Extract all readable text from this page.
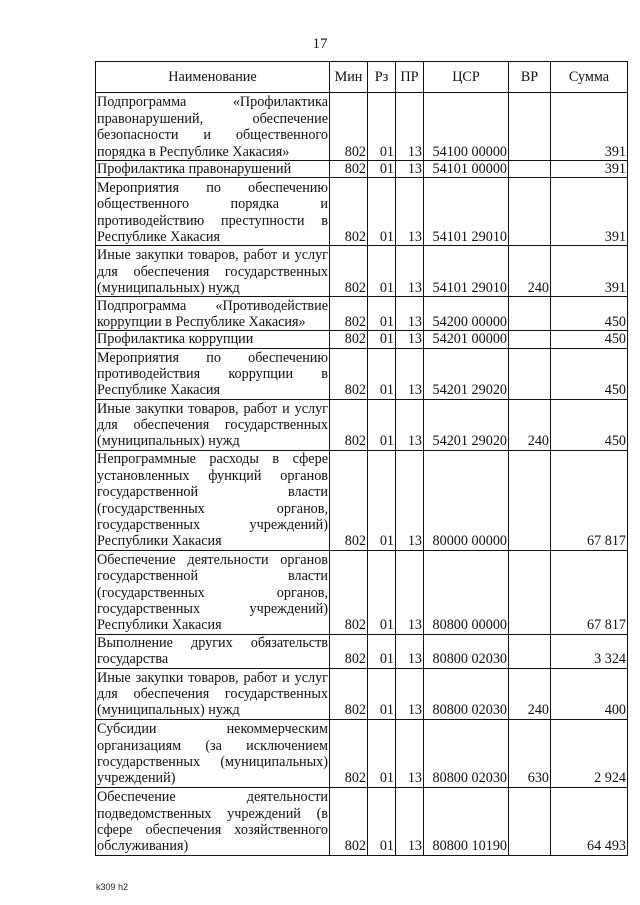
17
Наименование	Мин	Рз	ПР	ЦСР	ВР	Сумма
Подпрограмма «Профилактика правонарушений, обеспечение безопасности и общественного порядка в Республике Хакасия»	802	01	13	54100 00000		391
Профилактика правонарушений	802	01	13	54101 00000		391
Мероприятия по обеспечению общественного порядка и противодействию преступности в Республике Хакасия	802	01	13	54101 29010		391
Иные закупки товаров, работ и услуг для обеспечения государственных (муниципальных) нужд	802	01	13	54101 29010	240	391
Подпрограмма «Противодействие коррупции в Республике Хакасия»	802	01	13	54200 00000		450
Профилактика коррупции	802	01	13	54201 00000		450
Мероприятия по обеспечению противодействия коррупции в Республике Хакасия	802	01	13	54201 29020		450
Иные закупки товаров, работ и услуг для обеспечения государственных (муниципальных) нужд	802	01	13	54201 29020	240	450
Непрограммные расходы в сфере установленных функций органов государственной власти (государственных органов, государственных учреждений) Республики Хакасия	802	01	13	80000 00000		67 817
Обеспечение деятельности органов государственной власти (государственных органов, государственных учреждений) Республики Хакасия	802	01	13	80800 00000		67 817
Выполнение других обязательств государства	802	01	13	80800 02030		3 324
Иные закупки товаров, работ и услуг для обеспечения государственных (муниципальных) нужд	802	01	13	80800 02030	240	400
Субсидии некоммерческим организациям (за исключением государственных (муниципальных) учреждений)	802	01	13	80800 02030	630	2 924
Обеспечение деятельности подведомственных учреждений (в сфере обеспечения хозяйственного обслуживания)	802	01	13	80800 10190		64 493
k309 h2
